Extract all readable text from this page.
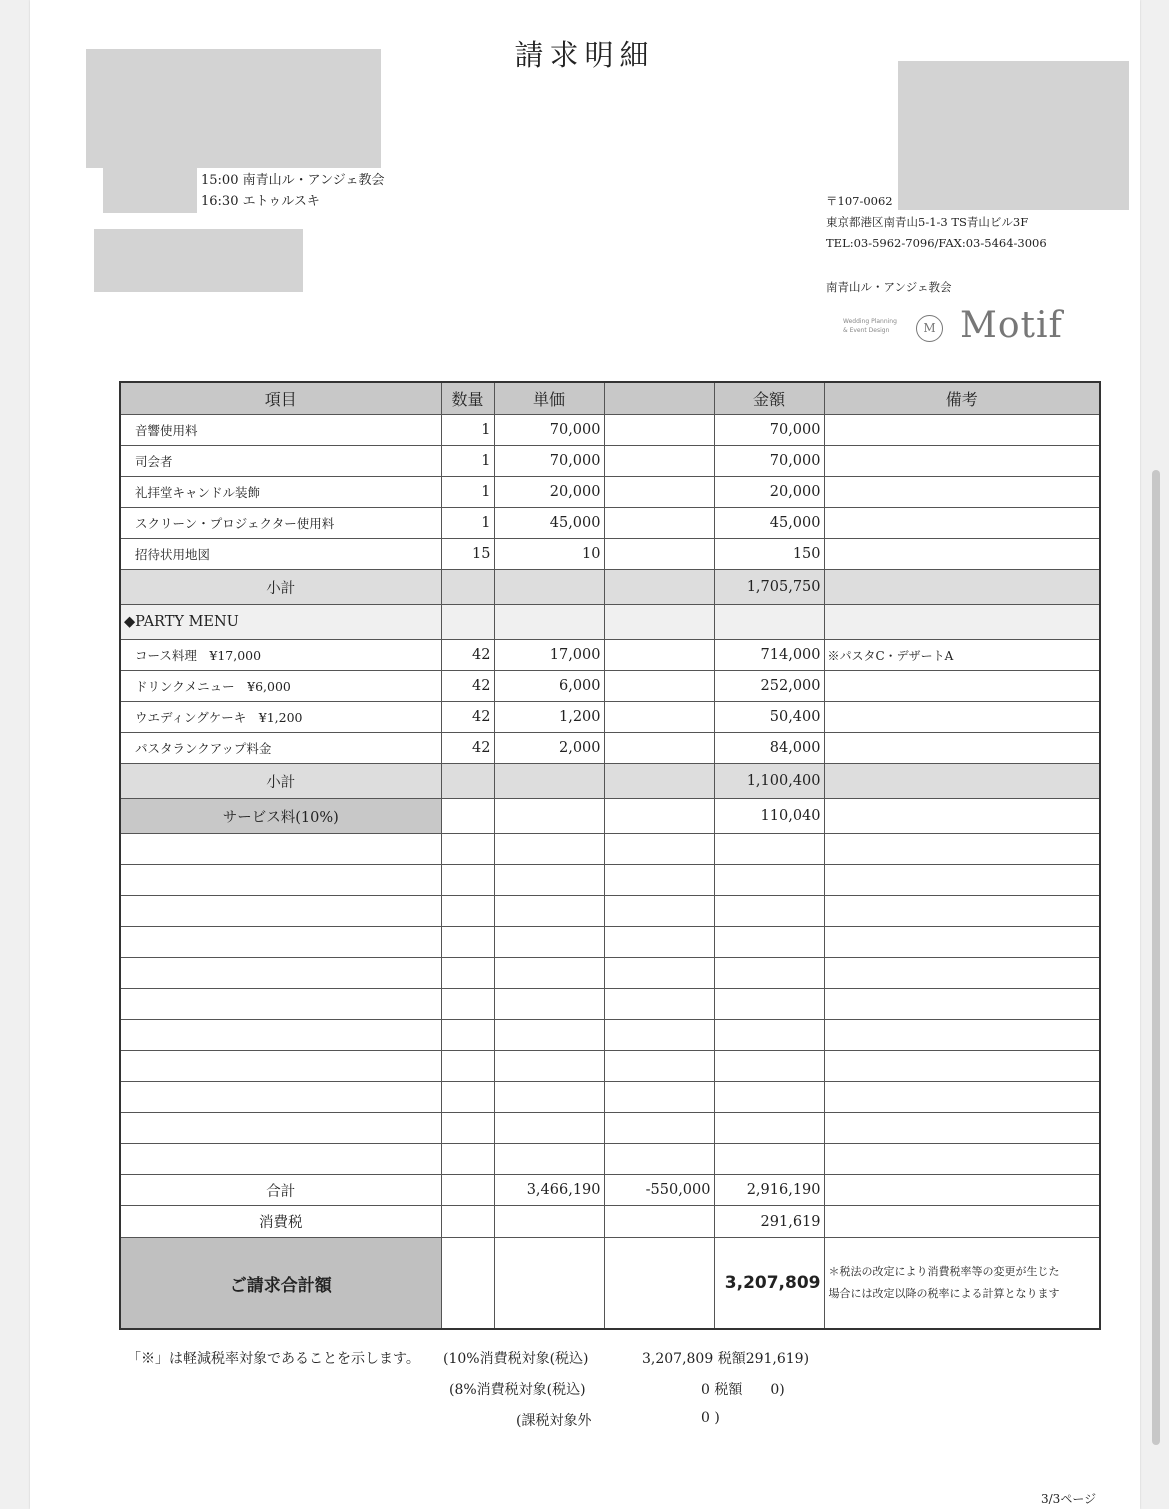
請求明細
15:00 南青山ル・アンジェ教会
16:30 エトゥルスキ	〒107-0062
東京都港区南青山5-1-3 TS青山ビル3F
TEL:03-5962-7096/FAX:03-5464-3006
南青山ル・アンジェ教会
Wedding Planning
& Event Design	M Motif
項目	数量	単価		金額	備考
音響使用料	1	70,000		70,000	
司会者	1	70,000		70,000	
礼拝堂キャンドル装飾	1	20,000		20,000	
スクリーン・プロジェクター使用料	1	45,000		45,000	
招待状用地図	15	10		150	
小計				1,705,750	
◆PARTY MENU					
コース料理　¥17,000	42	17,000		714,000	※パスタC・デザートA
ドリンクメニュー　¥6,000	42	6,000		252,000	
ウエディングケーキ　¥1,200	42	1,200		50,400	
パスタランクアップ料金	42	2,000		84,000	
小計				1,100,400	
サービス料(10%)				110,040	

合計		3,466,190	-550,000	2,916,190	
消費税				291,619	
ご請求合計額				3,207,809	＊税法の改定により消費税率等の変更が生じた
場合には改定以降の税率による計算となります
「※」は軽減税率対象であることを示します。 (10%消費税対象(税込)	3,207,809 税額291,619)
(8%消費税対象(税込)	0 税額　　0)
(課税対象外	0 )
3/3ページ
